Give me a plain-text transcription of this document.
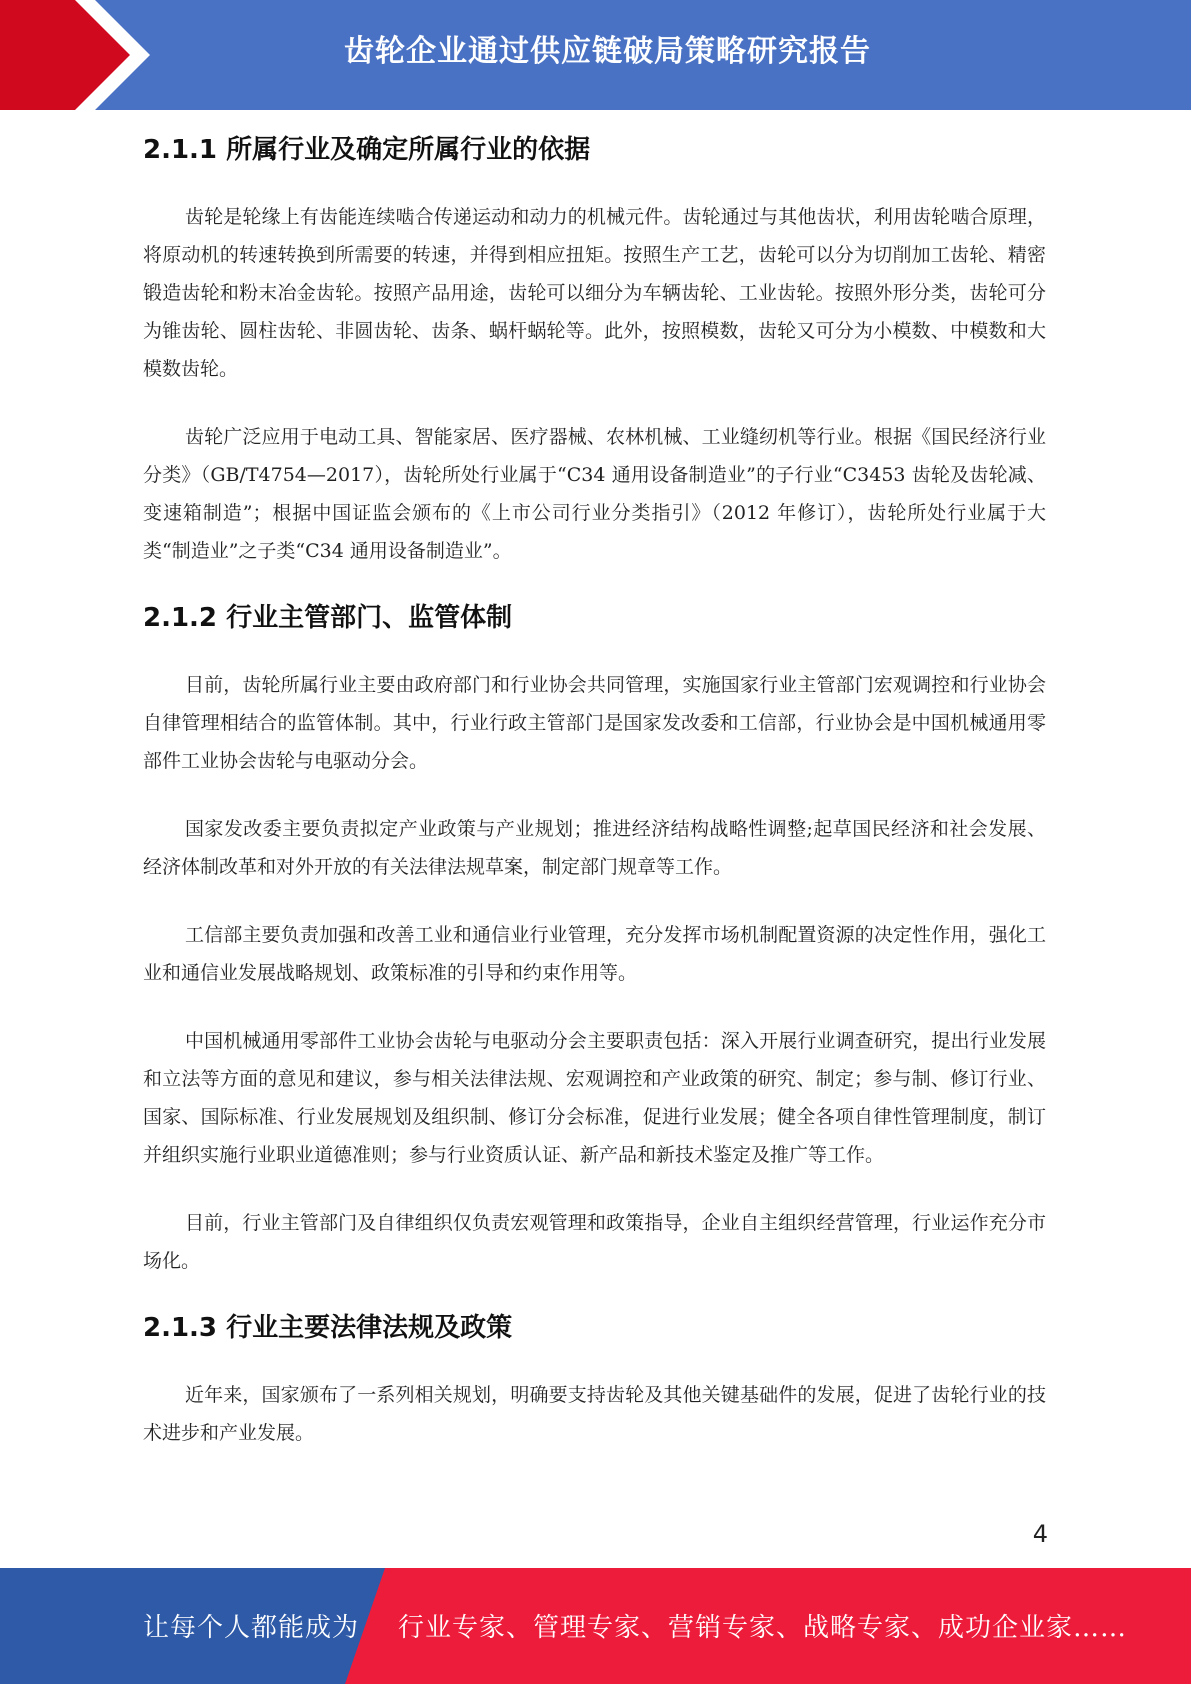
齿轮企业通过供应链破局策略研究报告
2.1.1 所属行业及确定所属行业的依据

齿轮是轮缘上有齿能连续啮合传递运动和动力的机械元件。齿轮通过与其他齿状，利用齿轮啮合原理，将原动机的转速转换到所需要的转速，并得到相应扭矩。按照生产工艺，齿轮可以分为切削加工齿轮、精密锻造齿轮和粉末冶金齿轮。按照产品用途，齿轮可以细分为车辆齿轮、工业齿轮。按照外形分类，齿轮可分为锥齿轮、圆柱齿轮、非圆齿轮、齿条、蜗杆蜗轮等。此外，按照模数，齿轮又可分为小模数、中模数和大模数齿轮。

齿轮广泛应用于电动工具、智能家居、医疗器械、农林机械、工业缝纫机等行业。根据《国民经济行业分类》（GB/T4754—2017），齿轮所处行业属于“C34 通用设备制造业”的子行业“C3453 齿轮及齿轮减、变速箱制造”；根据中国证监会颁布的《上市公司行业分类指引》（2012 年修订），齿轮所处行业属于大类“制造业”之子类“C34 通用设备制造业”。

2.1.2 行业主管部门、监管体制

目前，齿轮所属行业主要由政府部门和行业协会共同管理，实施国家行业主管部门宏观调控和行业协会自律管理相结合的监管体制。其中，行业行政主管部门是国家发改委和工信部，行业协会是中国机械通用零部件工业协会齿轮与电驱动分会。

国家发改委主要负责拟定产业政策与产业规划；推进经济结构战略性调整;起草国民经济和社会发展、经济体制改革和对外开放的有关法律法规草案，制定部门规章等工作。

工信部主要负责加强和改善工业和通信业行业管理，充分发挥市场机制配置资源的决定性作用，强化工业和通信业发展战略规划、政策标准的引导和约束作用等。

中国机械通用零部件工业协会齿轮与电驱动分会主要职责包括：深入开展行业调查研究，提出行业发展和立法等方面的意见和建议，参与相关法律法规、宏观调控和产业政策的研究、制定；参与制、修订行业、国家、国际标准、行业发展规划及组织制、修订分会标准，促进行业发展；健全各项自律性管理制度，制订并组织实施行业职业道德准则；参与行业资质认证、新产品和新技术鉴定及推广等工作。

目前，行业主管部门及自律组织仅负责宏观管理和政策指导，企业自主组织经营管理，行业运作充分市场化。

2.1.3 行业主要法律法规及政策

近年来，国家颁布了一系列相关规划，明确要支持齿轮及其他关键基础件的发展，促进了齿轮行业的技术进步和产业发展。

4
让每个人都能成为 行业专家、管理专家、营销专家、战略专家、成功企业家……
